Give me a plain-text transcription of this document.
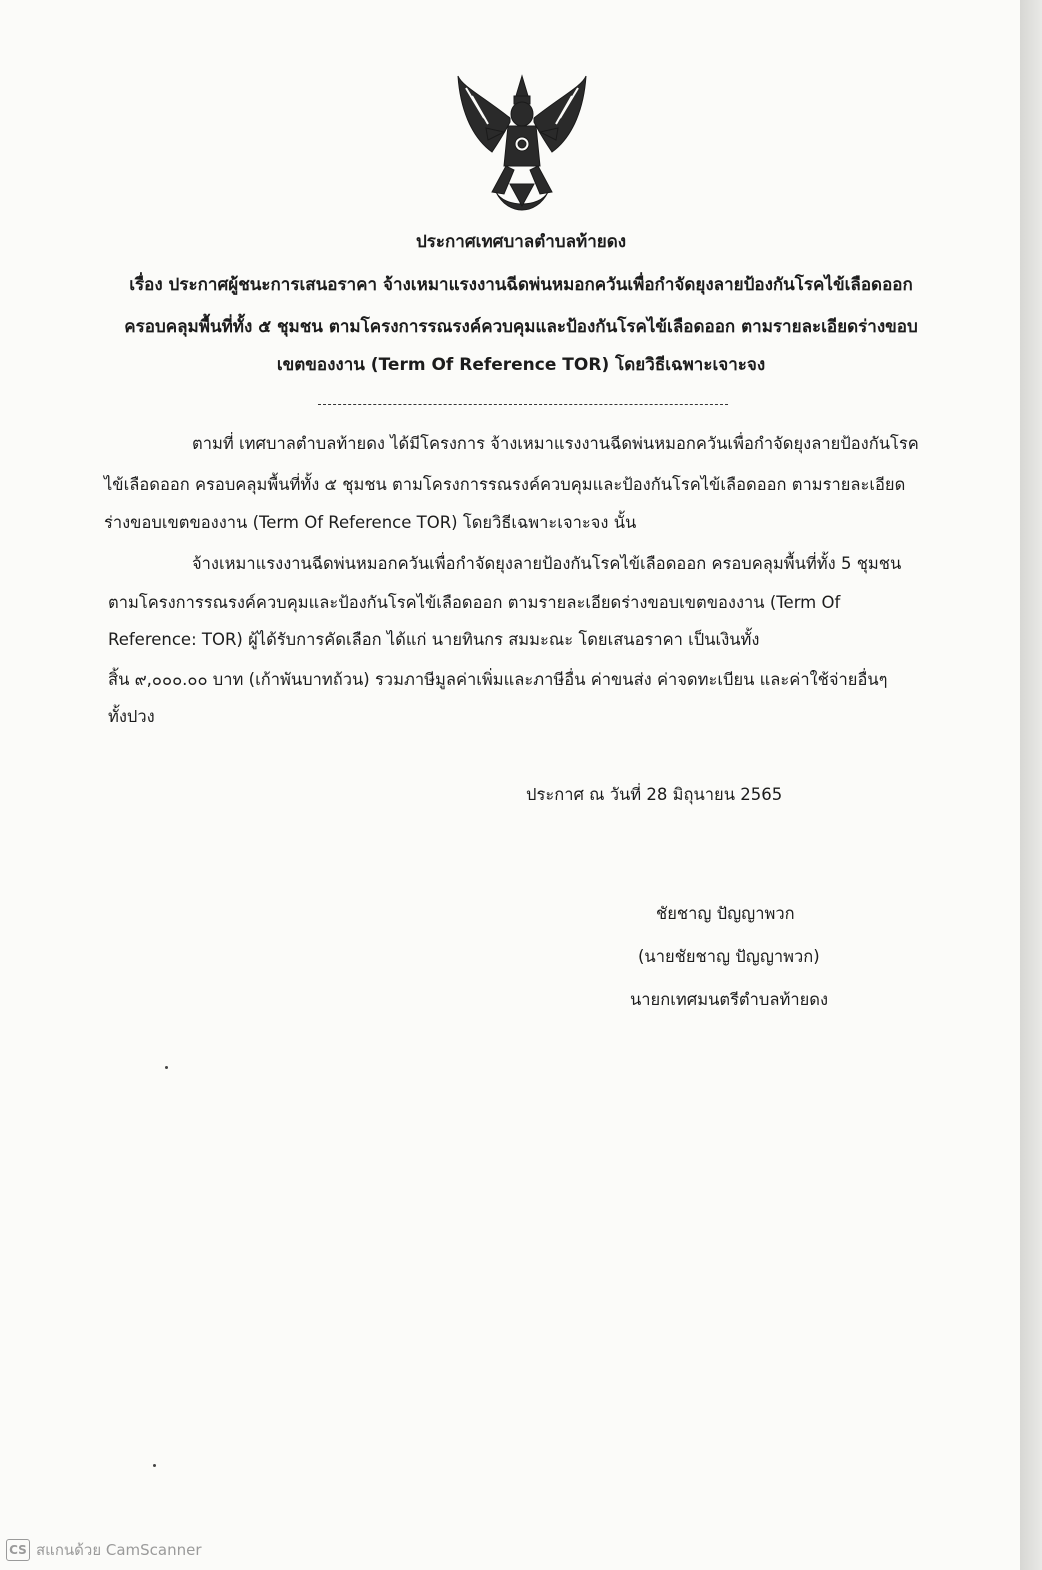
ประกาศเทศบาลตำบลท้ายดง
เรื่อง ประกาศผู้ชนะการเสนอราคา จ้างเหมาแรงงานฉีดพ่นหมอกควันเพื่อกำจัดยุงลายป้องกันโรคไข้เลือดออก
ครอบคลุมพื้นที่ทั้ง ๕ ชุมชน ตามโครงการรณรงค์ควบคุมและป้องกันโรคไข้เลือดออก ตามรายละเอียดร่างขอบ
เขตของงาน (Term Of Reference TOR) โดยวิธีเฉพาะเจาะจง
ตามที่ เทศบาลตำบลท้ายดง ได้มีโครงการ จ้างเหมาแรงงานฉีดพ่นหมอกควันเพื่อกำจัดยุงลายป้องกันโรค
ไข้เลือดออก ครอบคลุมพื้นที่ทั้ง ๕ ชุมชน ตามโครงการรณรงค์ควบคุมและป้องกันโรคไข้เลือดออก ตามรายละเอียด
ร่างขอบเขตของงาน (Term Of Reference TOR) โดยวิธีเฉพาะเจาะจง นั้น
จ้างเหมาแรงงานฉีดพ่นหมอกควันเพื่อกำจัดยุงลายป้องกันโรคไข้เลือดออก ครอบคลุมพื้นที่ทั้ง 5 ชุมชน
ตามโครงการรณรงค์ควบคุมและป้องกันโรคไข้เลือดออก ตามรายละเอียดร่างขอบเขตของงาน (Term Of
Reference: TOR) ผู้ได้รับการคัดเลือก ได้แก่ นายทินกร สมมะณะ โดยเสนอราคา เป็นเงินทั้ง
สิ้น ๙,๐๐๐.๐๐ บาท (เก้าพันบาทถ้วน) รวมภาษีมูลค่าเพิ่มและภาษีอื่น ค่าขนส่ง ค่าจดทะเบียน และค่าใช้จ่ายอื่นๆ
ทั้งปวง
ประกาศ ณ วันที่ 28 มิถุนายน 2565
ชัยชาญ ปัญญาพวก
(นายชัยชาญ ปัญญาพวก)
นายกเทศมนตรีตำบลท้ายดง
CS สแกนด้วย CamScanner
